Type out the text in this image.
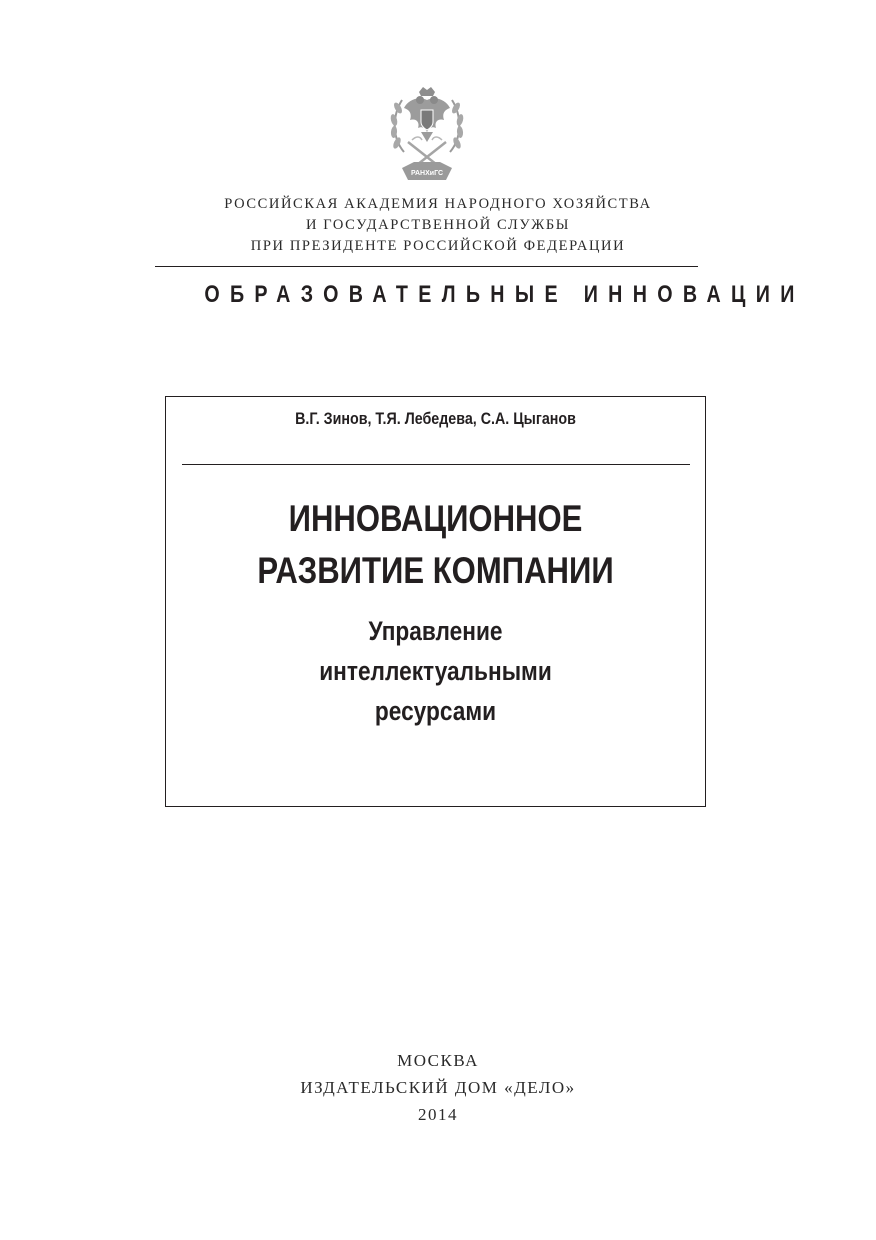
РАНХиГС
РОССИЙСКАЯ АКАДЕМИЯ НАРОДНОГО ХОЗЯЙСТВА
И ГОСУДАРСТВЕННОЙ СЛУЖБЫ
ПРИ ПРЕЗИДЕНТЕ РОССИЙСКОЙ ФЕДЕРАЦИИ
ОБРАЗОВАТЕЛЬНЫЕ ИННОВАЦИИ
В.Г. Зинов, Т.Я. Лебедева, С.А. Цыганов
ИННОВАЦИОННОЕ
РАЗВИТИЕ КОМПАНИИ
Управление
интеллектуальными
ресурсами
МОСКВА
ИЗДАТЕЛЬСКИЙ ДОМ «ДЕЛО»
2014
